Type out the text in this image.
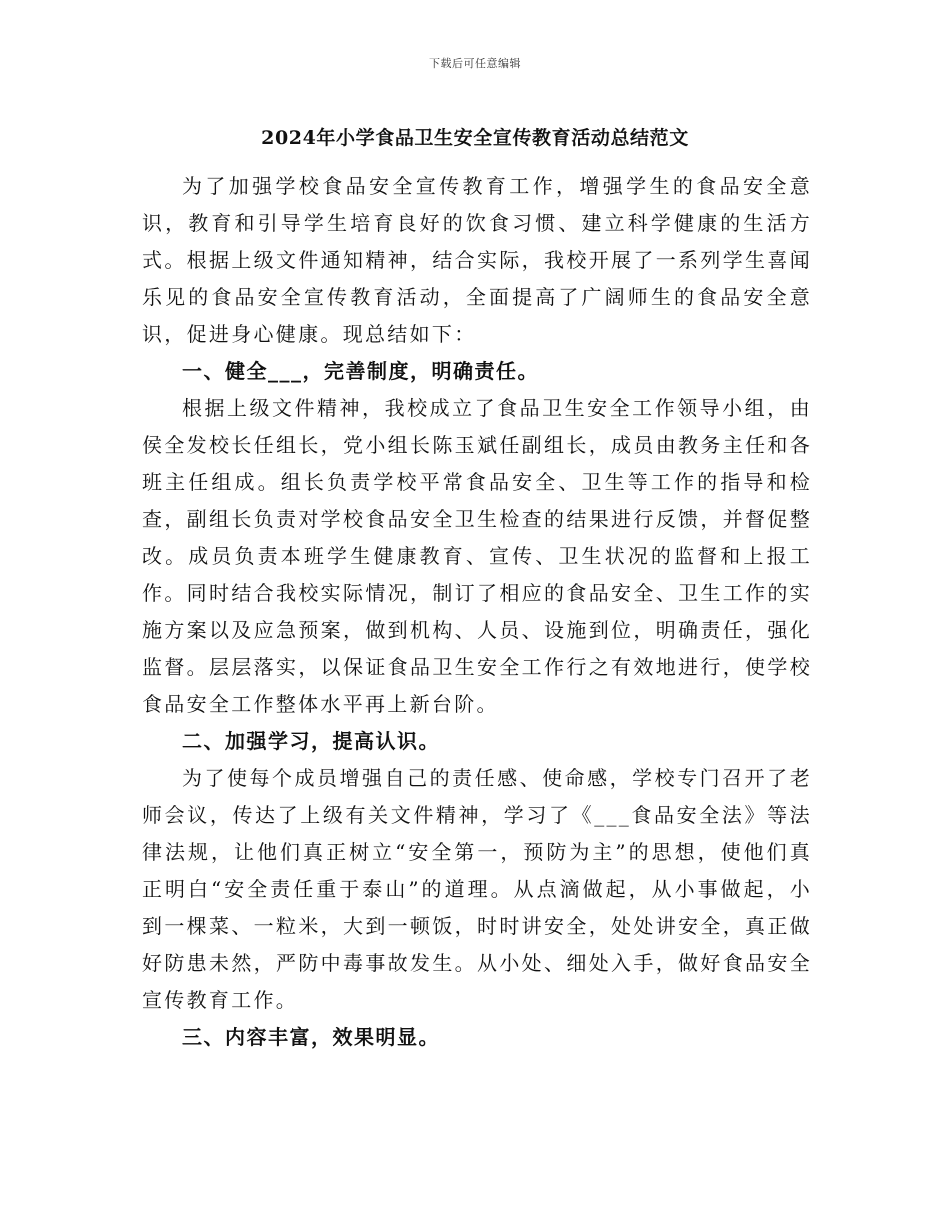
下载后可任意编辑
2024年小学食品卫生安全宣传教育活动总结范文

为了加强学校食品安全宣传教育工作，增强学生的食品安全意识，教育和引导学生培育良好的饮食习惯、建立科学健康的生活方式。根据上级文件通知精神，结合实际，我校开展了一系列学生喜闻乐见的食品安全宣传教育活动，全面提高了广阔师生的食品安全意识，促进身心健康。现总结如下：

一、健全___，完善制度，明确责任。

根据上级文件精神，我校成立了食品卫生安全工作领导小组，由侯全发校长任组长，党小组长陈玉斌任副组长，成员由教务主任和各班主任组成。组长负责学校平常食品安全、卫生等工作的指导和检查，副组长负责对学校食品安全卫生检查的结果进行反馈，并督促整改。成员负责本班学生健康教育、宣传、卫生状况的监督和上报工作。同时结合我校实际情况，制订了相应的食品安全、卫生工作的实施方案以及应急预案，做到机构、人员、设施到位，明确责任，强化监督。层层落实，以保证食品卫生安全工作行之有效地进行，使学校食品安全工作整体水平再上新台阶。

二、加强学习，提高认识。

为了使每个成员增强自己的责任感、使命感，学校专门召开了老师会议，传达了上级有关文件精神，学习了《___食品安全法》等法律法规，让他们真正树立“安全第一，预防为主”的思想，使他们真正明白“安全责任重于泰山”的道理。从点滴做起，从小事做起，小到一棵菜、一粒米，大到一顿饭，时时讲安全，处处讲安全，真正做好防患未然，严防中毒事故发生。从小处、细处入手，做好食品安全宣传教育工作。

三、内容丰富，效果明显。
